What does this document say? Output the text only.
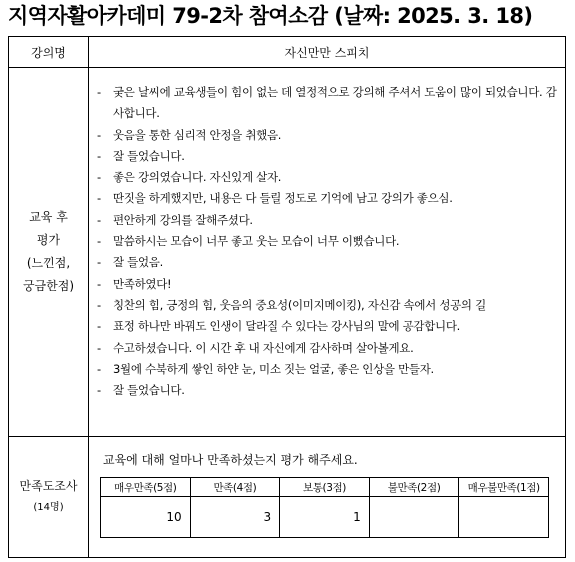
지역자활아카데미 79-2차 참여소감 (날짜: 2025. 3. 18)
강의명	자신만만 스피치

교육 후
평가
(느낀점,
궁금한점)

- 궂은 날씨에 교육생들이 힘이 없는 데 열정적으로 강의해 주셔서 도움이 많이 되었습니다. 감사합니다.
- 웃음을 통한 심리적 안정을 취했음.
- 잘 들었습니다.
- 좋은 강의였습니다. 자신있게 살자.
- 딴짓을 하게했지만, 내용은 다 들릴 정도로 기억에 남고 강의가 좋으심.
- 편안하게 강의를 잘해주셨다.
- 말씀하시는 모습이 너무 좋고 웃는 모습이 너무 이뻤습니다.
- 잘 들었음.
- 만족하였다!
- 칭찬의 힘, 긍정의 힘, 웃음의 중요성(이미지메이킹), 자신감 속에서 성공의 길
- 표정 하나만 바꿔도 인생이 달라질 수 있다는 강사님의 말에 공감합니다.
- 수고하셨습니다. 이 시간 후 내 자신에게 감사하며 살아볼게요.
- 3월에 수북하게 쌓인 하얀 눈, 미소 짓는 얼굴, 좋은 인상을 만들자.
- 잘 들었습니다.

만족도조사
(14명)

교육에 대해 얼마나 만족하셨는지 평가 해주세요.
매우만족(5점)	만족(4점)	보통(3점)	불만족(2점)	매우불만족(1점)
10	3	1		
